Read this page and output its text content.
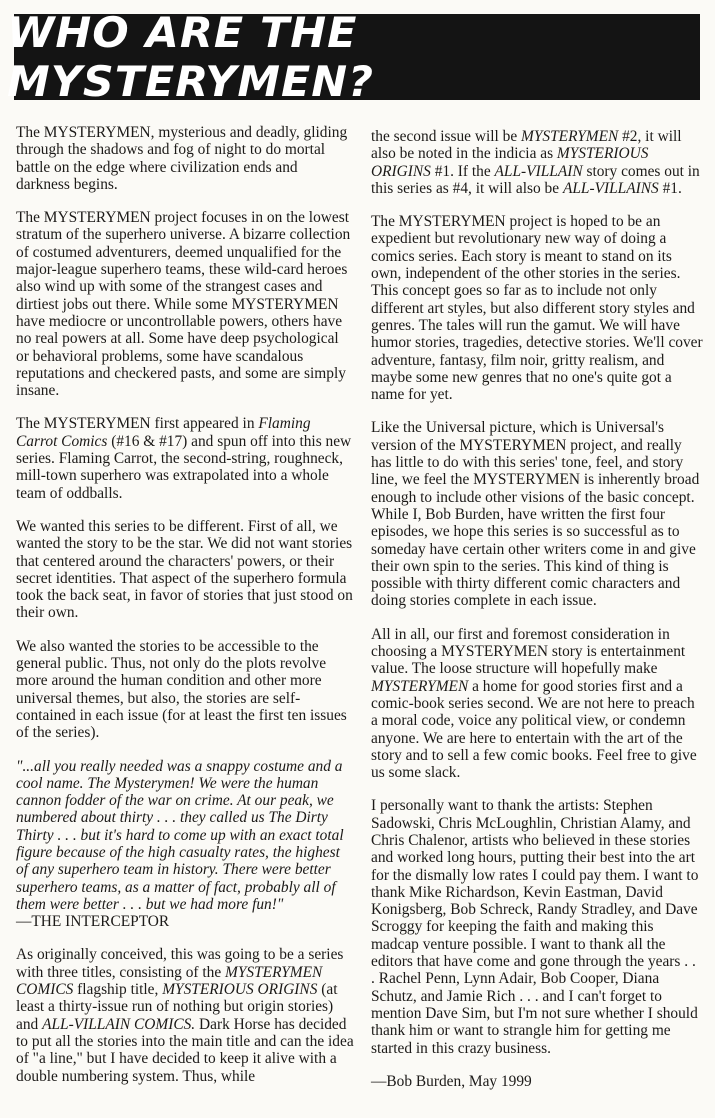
WHO ARE THE MYSTERYMEN?

The MYSTERYMEN, mysterious and deadly, gliding through the shadows and fog of night to do mortal battle on the edge where civilization ends and darkness begins.

The MYSTERYMEN project focuses in on the lowest stratum of the superhero universe. A bizarre collection of costumed adventurers, deemed unqualified for the major-league superhero teams, these wild-card heroes also wind up with some of the strangest cases and dirtiest jobs out there. While some MYSTERYMEN have mediocre or uncontrollable powers, others have no real powers at all. Some have deep psychological or behavioral problems, some have scandalous reputations and checkered pasts, and some are simply insane.

The MYSTERYMEN first appeared in Flaming Carrot Comics (#16 & #17) and spun off into this new series. Flaming Carrot, the second-string, roughneck, mill-town superhero was extrapolated into a whole team of oddballs.

We wanted this series to be different. First of all, we wanted the story to be the star. We did not want stories that centered around the characters' powers, or their secret identities. That aspect of the superhero formula took the back seat, in favor of stories that just stood on their own.

We also wanted the stories to be accessible to the general public. Thus, not only do the plots revolve more around the human condition and other more universal themes, but also, the stories are self-contained in each issue (for at least the first ten issues of the series).

"...all you really needed was a snappy costume and a cool name. The Mysterymen! We were the human cannon fodder of the war on crime. At our peak, we numbered about thirty . . . they called us The Dirty Thirty . . . but it's hard to come up with an exact total figure because of the high casualty rates, the highest of any superhero team in history. There were better superhero teams, as a matter of fact, probably all of them were better . . . but we had more fun!"

—THE INTERCEPTOR

As originally conceived, this was going to be a series with three titles, consisting of the MYSTERYMEN COMICS flagship title, MYSTERIOUS ORIGINS (at least a thirty-issue run of nothing but origin stories) and ALL-VILLAIN COMICS. Dark Horse has decided to put all the stories into the main title and can the idea of "a line," but I have decided to keep it alive with a double numbering system. Thus, while

the second issue will be MYSTERYMEN #2, it will also be noted in the indicia as MYSTERIOUS ORIGINS #1. If the ALL-VILLAIN story comes out in this series as #4, it will also be ALL-VILLAINS #1.

The MYSTERYMEN project is hoped to be an expedient but revolutionary new way of doing a comics series. Each story is meant to stand on its own, independent of the other stories in the series. This concept goes so far as to include not only different art styles, but also different story styles and genres. The tales will run the gamut. We will have humor stories, tragedies, detective stories. We'll cover adventure, fantasy, film noir, gritty realism, and maybe some new genres that no one's quite got a name for yet.

Like the Universal picture, which is Universal's version of the MYSTERYMEN project, and really has little to do with this series' tone, feel, and story line, we feel the MYSTERYMEN is inherently broad enough to include other visions of the basic concept. While I, Bob Burden, have written the first four episodes, we hope this series is so successful as to someday have certain other writers come in and give their own spin to the series. This kind of thing is possible with thirty different comic characters and doing stories complete in each issue.

All in all, our first and foremost consideration in choosing a MYSTERYMEN story is entertainment value. The loose structure will hopefully make MYSTERYMEN a home for good stories first and a comic-book series second. We are not here to preach a moral code, voice any political view, or condemn anyone. We are here to entertain with the art of the story and to sell a few comic books. Feel free to give us some slack.

I personally want to thank the artists: Stephen Sadowski, Chris McLoughlin, Christian Alamy, and Chris Chalenor, artists who believed in these stories and worked long hours, putting their best into the art for the dismally low rates I could pay them. I want to thank Mike Richardson, Kevin Eastman, David Konigsberg, Bob Schreck, Randy Stradley, and Dave Scroggy for keeping the faith and making this madcap venture possible. I want to thank all the editors that have come and gone through the years . . . Rachel Penn, Lynn Adair, Bob Cooper, Diana Schutz, and Jamie Rich . . . and I can't forget to mention Dave Sim, but I'm not sure whether I should thank him or want to strangle him for getting me started in this crazy business.

—Bob Burden, May 1999
